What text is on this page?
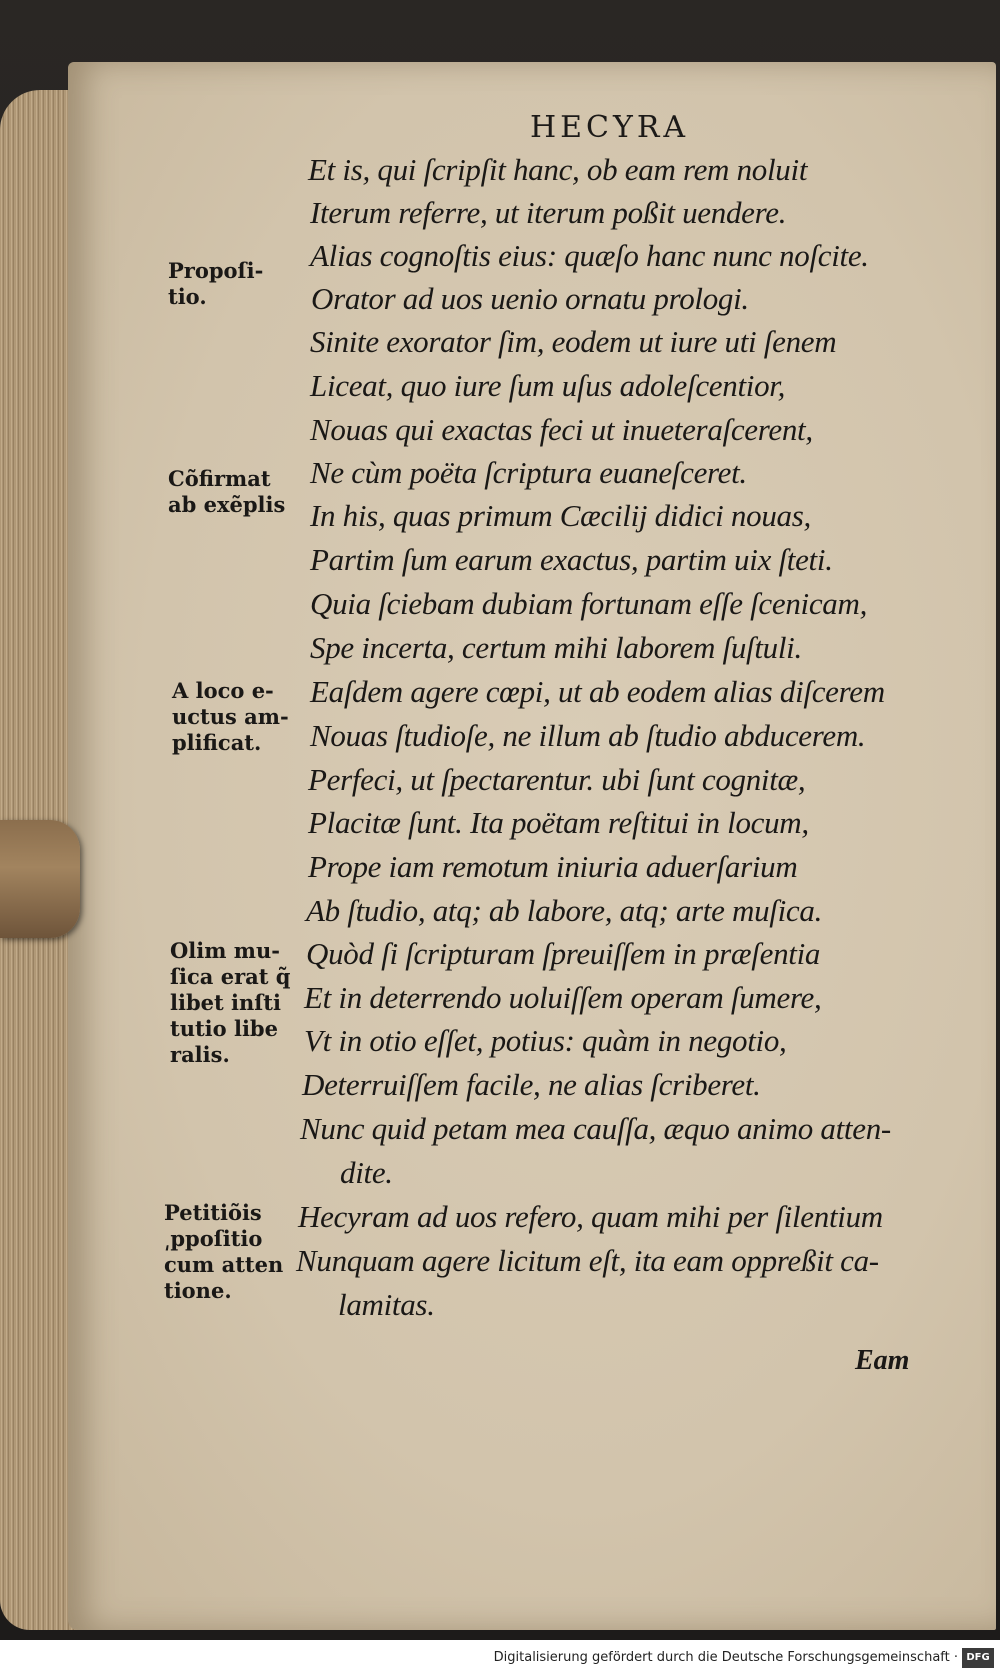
HECYRA
Et is, qui ſcripſit hanc, ob eam rem noluit
Iterum referre, ut iterum poßit uendere.
Alias cognoſtis eius: quæſo hanc nunc noſcite.
Orator ad uos uenio ornatu prologi.
Sinite exorator ſim, eodem ut iure uti ſenem
Liceat, quo iure ſum uſus adoleſcentior,
Nouas qui exactas feci ut inueteraſcerent,
Ne cùm poëta ſcriptura euaneſceret.
In his, quas primum Cæcilij didici nouas,
Partim ſum earum exactus, partim uix ſteti.
Quia ſciebam dubiam fortunam eſſe ſcenicam,
Spe incerta, certum mihi laborem ſuſtuli.
Eaſdem agere cœpi, ut ab eodem alias diſcerem
Nouas ſtudioſe, ne illum ab ſtudio abducerem.
Perfeci, ut ſpectarentur. ubi ſunt cognitæ,
Placitæ ſunt. Ita poëtam reſtitui in locum,
Prope iam remotum iniuria aduerſarium
Ab ſtudio, atq; ab labore, atq; arte muſica.
Quòd ſi ſcripturam ſpreuiſſem in præſentia
Et in deterrendo uoluiſſem operam ſumere,
Vt in otio eſſet, potius: quàm in negotio,
Deterruiſſem facile, ne alias ſcriberet.
Nunc quid petam mea cauſſa, æquo animo atten-
dite.
Hecyram ad uos refero, quam mihi per ſilentium
Nunquam agere licitum eſt, ita eam oppreßit ca-
lamitas.
Propoſi-
tio.
Cõfirmat
ab exẽplis
A loco e-
uctus am-
plificat.
Olim mu-
ſica erat q̃
libet inſti
tutio libe
ralis.
Petitiõis
͵ppoſitio
cum atten
tione.
Eam
Digitalisierung gefördert durch die Deutsche Forschungsgemeinschaft · DFG
